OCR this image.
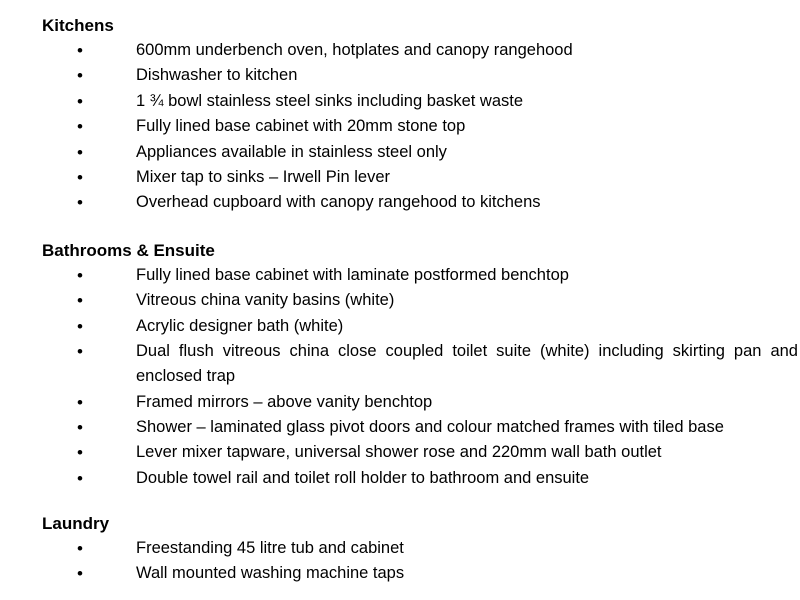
Kitchens
•	600mm underbench oven, hotplates and canopy rangehood
•	Dishwasher to kitchen
•	1 ¾ bowl stainless steel sinks including basket waste
•	Fully lined base cabinet with 20mm stone top
•	Appliances available in stainless steel only
•	Mixer tap to sinks – Irwell Pin lever
•	Overhead cupboard with canopy rangehood to kitchens
Bathrooms & Ensuite
•	Fully lined base cabinet with laminate postformed benchtop
•	Vitreous china vanity basins (white)
•	Acrylic designer bath (white)
•	Dual flush vitreous china close coupled toilet suite (white) including skirting pan and enclosed trap
•	Framed mirrors – above vanity benchtop
•	Shower – laminated glass pivot doors and colour matched frames with tiled base
•	Lever mixer tapware, universal shower rose and 220mm wall bath outlet
•	Double towel rail and toilet roll holder to bathroom and ensuite
Laundry
•	Freestanding 45 litre tub and cabinet
•	Wall mounted washing machine taps
